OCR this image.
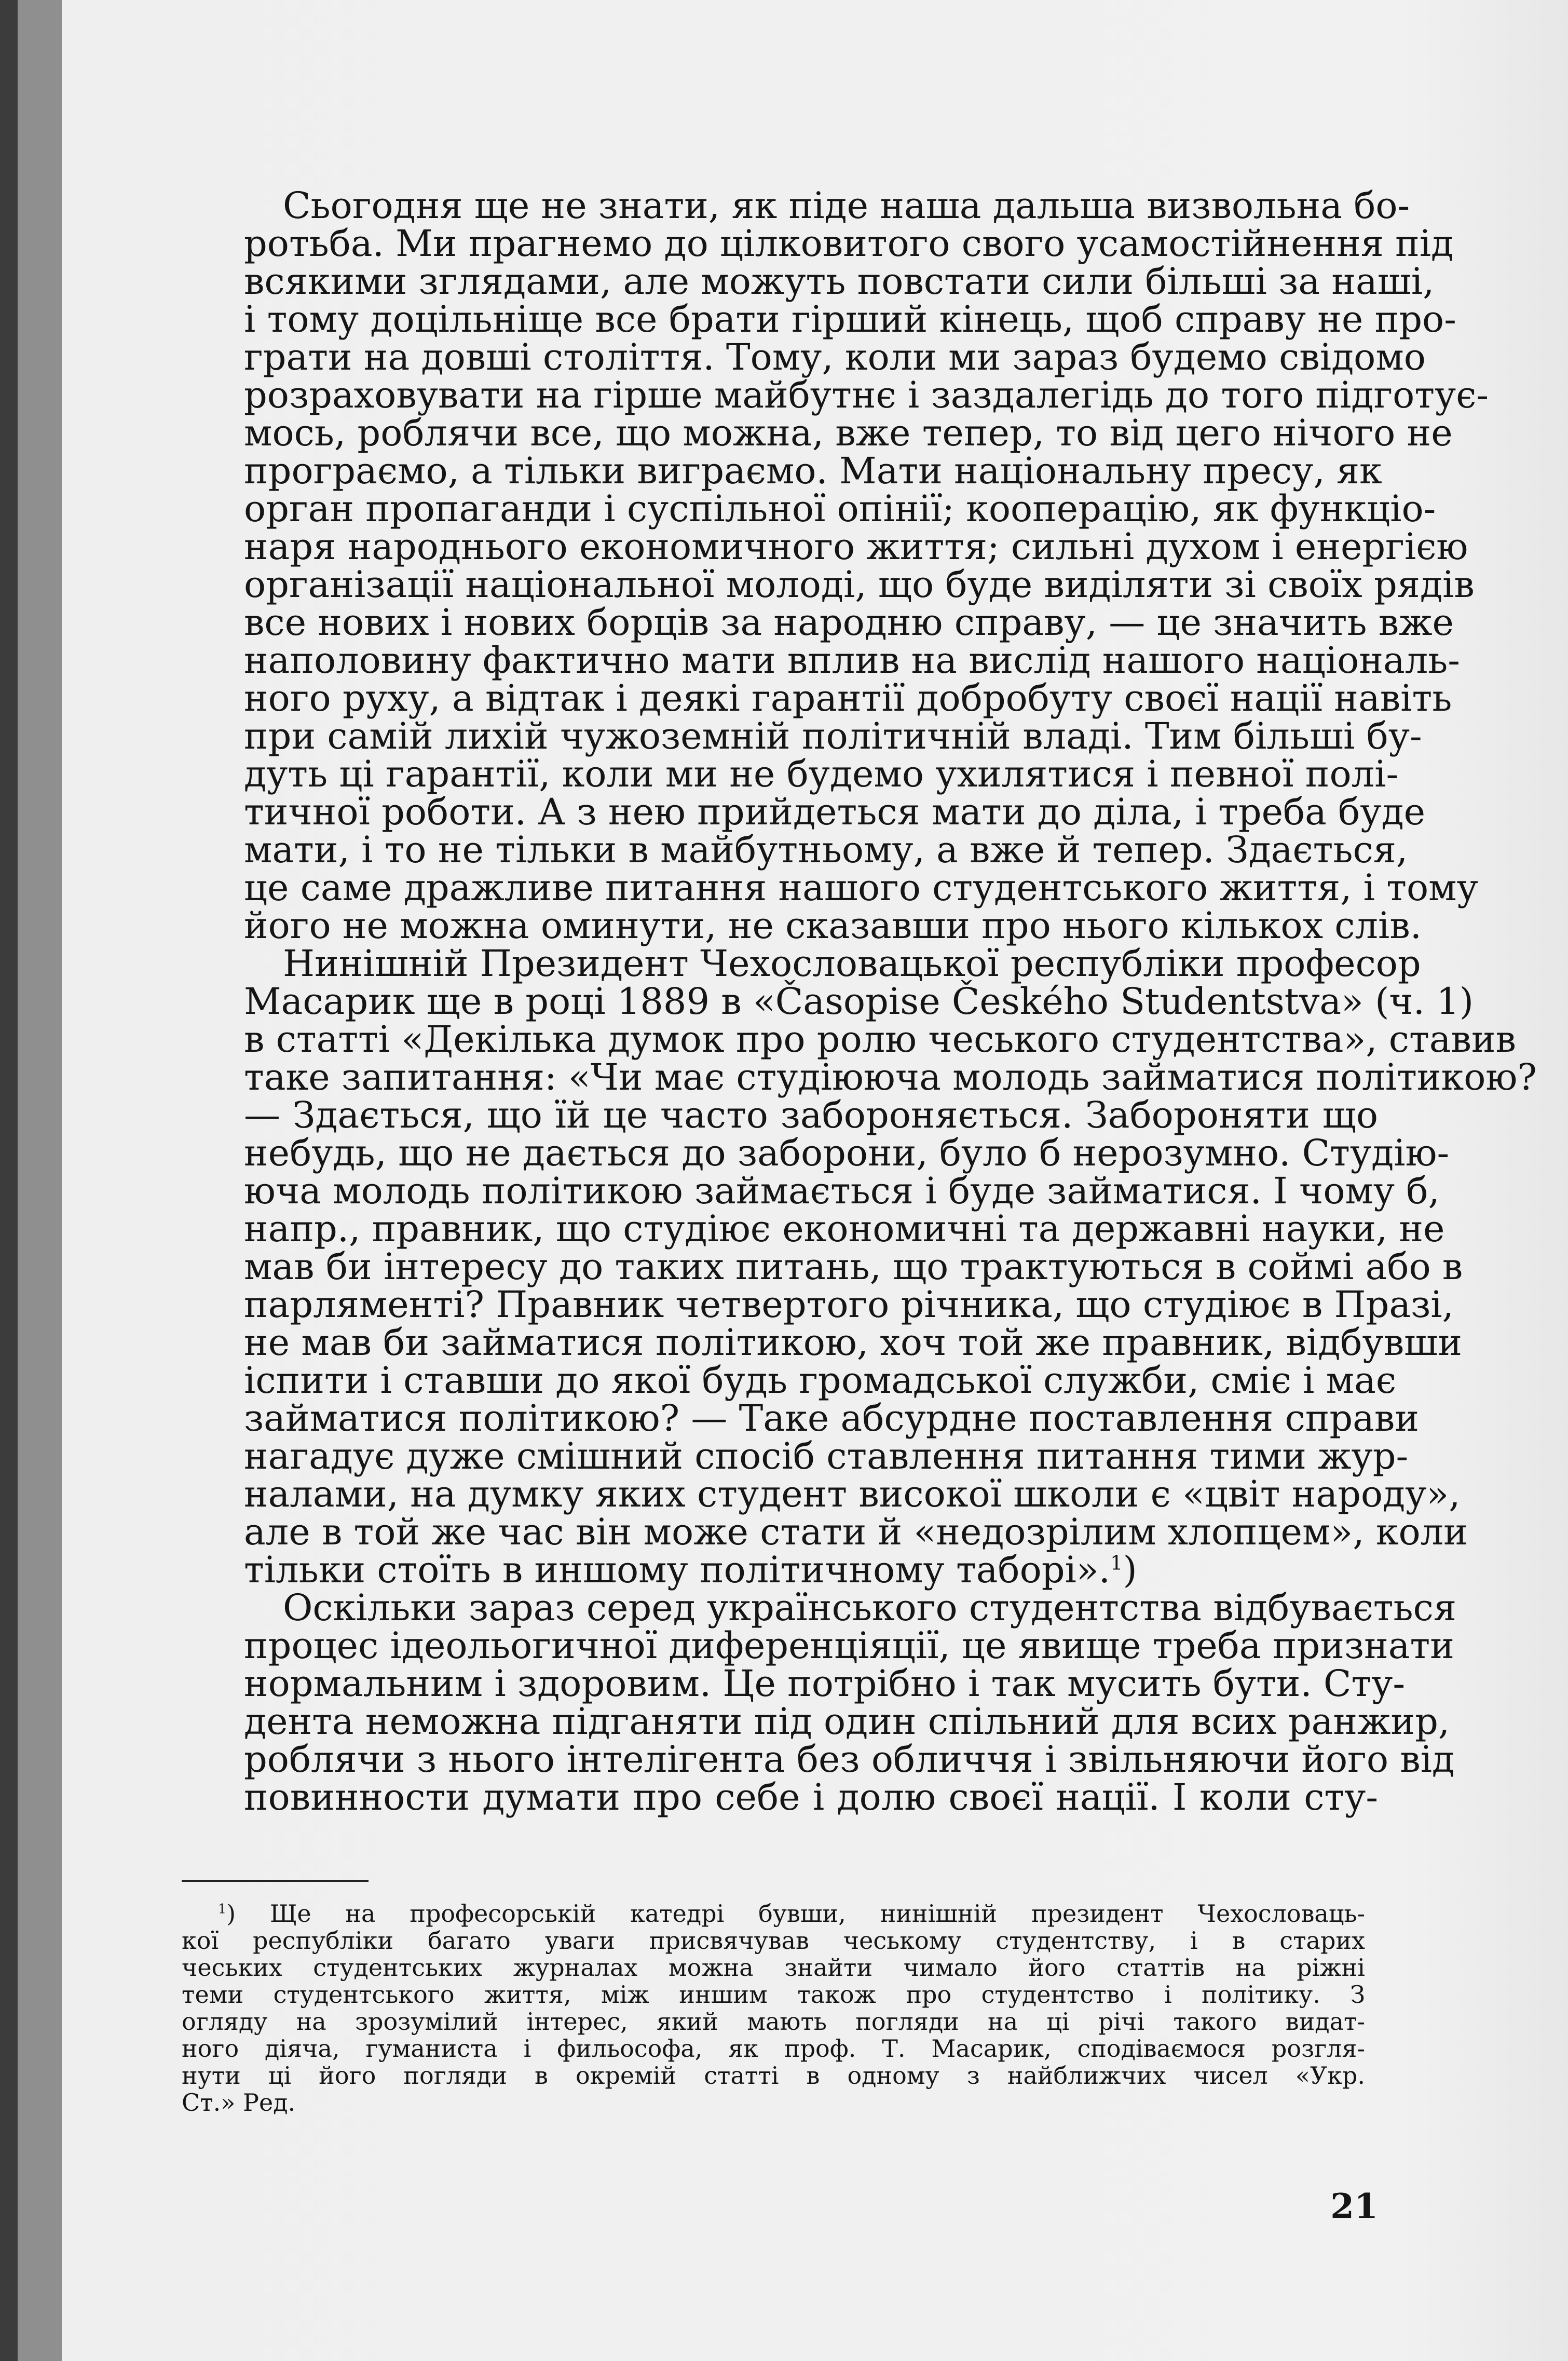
Сьогодня ще не знати, як піде наша дальша визвольна бо-
ротьба. Ми прагнемо до цілковитого свого усамостійнення під
всякими зглядами, але можуть повстати сили більші за наші,
і тому доцільніще все брати гірший кінець, щоб справу не про-
грати на довші століття. Тому, коли ми зараз будемо свідомо
розраховувати на гірше майбутнє і заздалегідь до того підготує-
мось, роблячи все, що можна, вже тепер, то від цего нічого не
програємо, а тільки виграємо. Мати національну пресу, як
орган пропаганди і суспільної опінії; кооперацію, як функціо-
наря народнього економичного життя; сильні духом і енергією
організації національної молоді, що буде виділяти зі своїх рядів
все нових і нових борців за народню справу, — це значить вже
наполовину фактично мати вплив на вислід нашого національ-
ного руху, а відтак і деякі гарантії добробуту своєї нації навіть
при самій лихій чужоземній політичній владі. Тим більші бу-
дуть ці гарантії, коли ми не будемо ухилятися і певної полі-
тичної роботи. А з нею прийдеться мати до діла, і треба буде
мати, і то не тільки в майбутньому, а вже й тепер. Здається,
це саме дражливе питання нашого студентського життя, і тому
його не можна оминути, не сказавши про нього кількох слів.
Нинішній Президент Чехословацької республіки професор
Масарик ще в році 1889 в «Časopise Českého Studentstva» (ч. 1)
в статті «Декілька думок про ролю чеського студентства», ставив
таке запитання: «Чи має студіююча молодь займатися політикою?
— Здається, що їй це часто забороняється. Забороняти що
небудь, що не дається до заборони, було б нерозумно. Студію-
юча молодь політикою займається і буде займатися. І чому б,
напр., правник, що студіює економичні та державні науки, не
мав би інтересу до таких питань, що трактуються в соймі або в
парляменті? Правник четвертого річника, що студіює в Празі,
не мав би займатися політикою, хоч той же правник, відбувши
іспити і ставши до якої будь громадської служби, сміє і має
займатися політикою? — Таке абсурдне поставлення справи
нагадує дуже смішний спосіб ставлення питання тими жур-
налами, на думку яких студент високої школи є «цвіт народу»,
але в той же час він може стати й «недозрілим хлопцем», коли
тільки стоїть в иншому політичному таборі».$^1$)
Оскільки зараз серед українського студентства відбувається
процес ідеольогичної диференціяції, це явище треба признати
нормальним і здоровим. Це потрібно і так мусить бути. Сту-
дента неможна підганяти під один спільний для всих ранжир,
роблячи з нього інтелігента без обличчя і звільняючи його від
повинности думати про себе і долю своєї нації. І коли сту-
$^1$) Ще на професорській катедрі бувши, нинішній президент Чехословаць-
кої республіки багато уваги присвячував чеському студентству, і в старих
чеських студентських журналах можна знайти чимало його статтів на ріжні
теми студентського життя, між иншим також про студентство і політику. З
огляду на зрозумілий інтерес, який мають погляди на ці річі такого видат-
ного діяча, гуманиста і фильософа, як проф. Т. Масарик, сподіваємося розгля-
нути ці його погляди в окремій статті в одному з найближчих чисел «Укр.
Ст.» Ред.
21
